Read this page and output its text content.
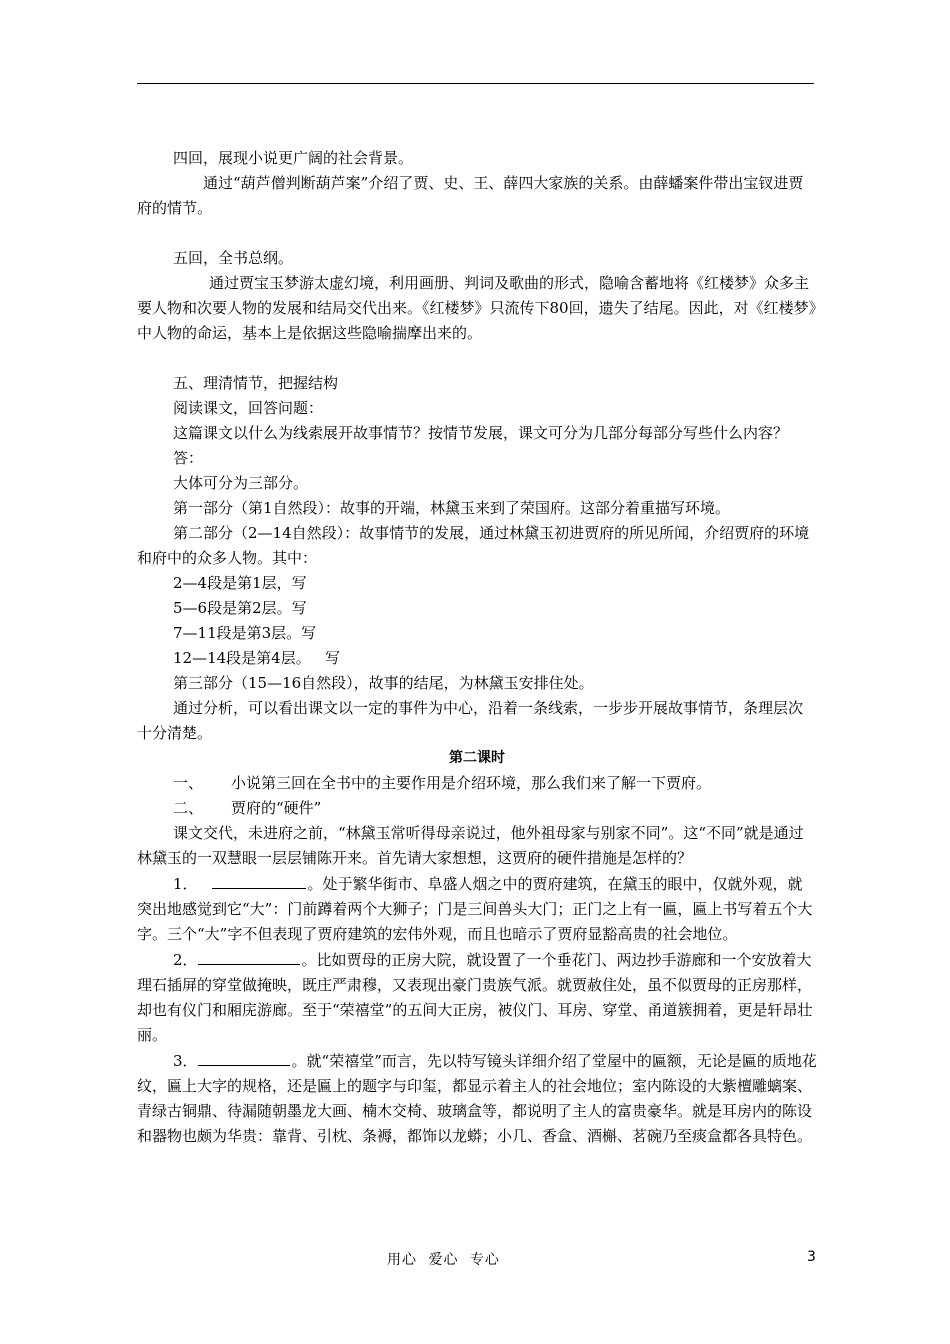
四回，展现小说更广阔的社会背景。

通过“葫芦僧判断葫芦案”介绍了贾、史、王、薛四大家族的关系。由薛蟠案件带出宝钗进贾府的情节。

五回，全书总纲。

通过贾宝玉梦游太虚幻境，利用画册、判词及歌曲的形式，隐喻含蓄地将《红楼梦》众多主要人物和次要人物的发展和结局交代出来。《红楼梦》只流传下80回，遗失了结尾。因此，对《红楼梦》中人物的命运，基本上是依据这些隐喻揣摩出来的。

五、理清情节，把握结构

阅读课文，回答问题：

这篇课文以什么为线索展开故事情节？按情节发展，课文可分为几部分每部分写些什么内容？

答：

大体可分为三部分。

第一部分（第1自然段）：故事的开端，林黛玉来到了荣国府。这部分着重描写环境。

第二部分（2—14自然段）：故事情节的发展，通过林黛玉初进贾府的所见所闻，介绍贾府的环境和府中的众多人物。其中：

2—4段是第1层，写

5—6段是第2层。写

7—11段是第3层。写

12—14段是第4层。   写

第三部分（15—16自然段），故事的结尾，为林黛玉安排住处。

通过分析，可以看出课文以一定的事件为中心，沿着一条线索，一步步开展故事情节，条理层次十分清楚。

第二课时

一、 小说第三回在全书中的主要作用是介绍环境，那么我们来了解一下贾府。

二、 贾府的“硬件”

课文交代，未进府之前，“林黛玉常听得母亲说过，他外祖母家与别家不同”。这“不同”就是通过林黛玉的一双慧眼一层层铺陈开来。首先请大家想想，这贾府的硬件措施是怎样的？

1．	。处于繁华街市、阜盛人烟之中的贾府建筑，在黛玉的眼中，仅就外观，就突出地感觉到它“大”：门前蹲着两个大狮子；门是三间兽头大门；正门之上有一匾，匾上书写着五个大字。三个“大”字不但表现了贾府建筑的宏伟外观，而且也暗示了贾府显豁高贵的社会地位。

2．	。比如贾母的正房大院，就设置了一个垂花门、两边抄手游廊和一个安放着大理石插屏的穿堂做掩映，既庄严肃穆，又表现出豪门贵族气派。就贾赦住处，虽不似贾母的正房那样，却也有仪门和厢庑游廊。至于“荣禧堂”的五间大正房，被仪门、耳房、穿堂、甬道簇拥着，更是轩昂壮丽。

3．	。就“荣禧堂”而言，先以特写镜头详细介绍了堂屋中的匾额，无论是匾的质地花纹，匾上大字的规格，还是匾上的题字与印玺，都显示着主人的社会地位；室内陈设的大紫檀雕螭案、青绿古铜鼎、待漏随朝墨龙大画、楠木交椅、玻璃盒等，都说明了主人的富贵豪华。就是耳房内的陈设和器物也颇为华贵：靠背、引枕、条褥，都饰以龙蟒；小几、香盒、酒槲、茗碗乃至痰盒都各具特色。

用心 爱心 专心	3
